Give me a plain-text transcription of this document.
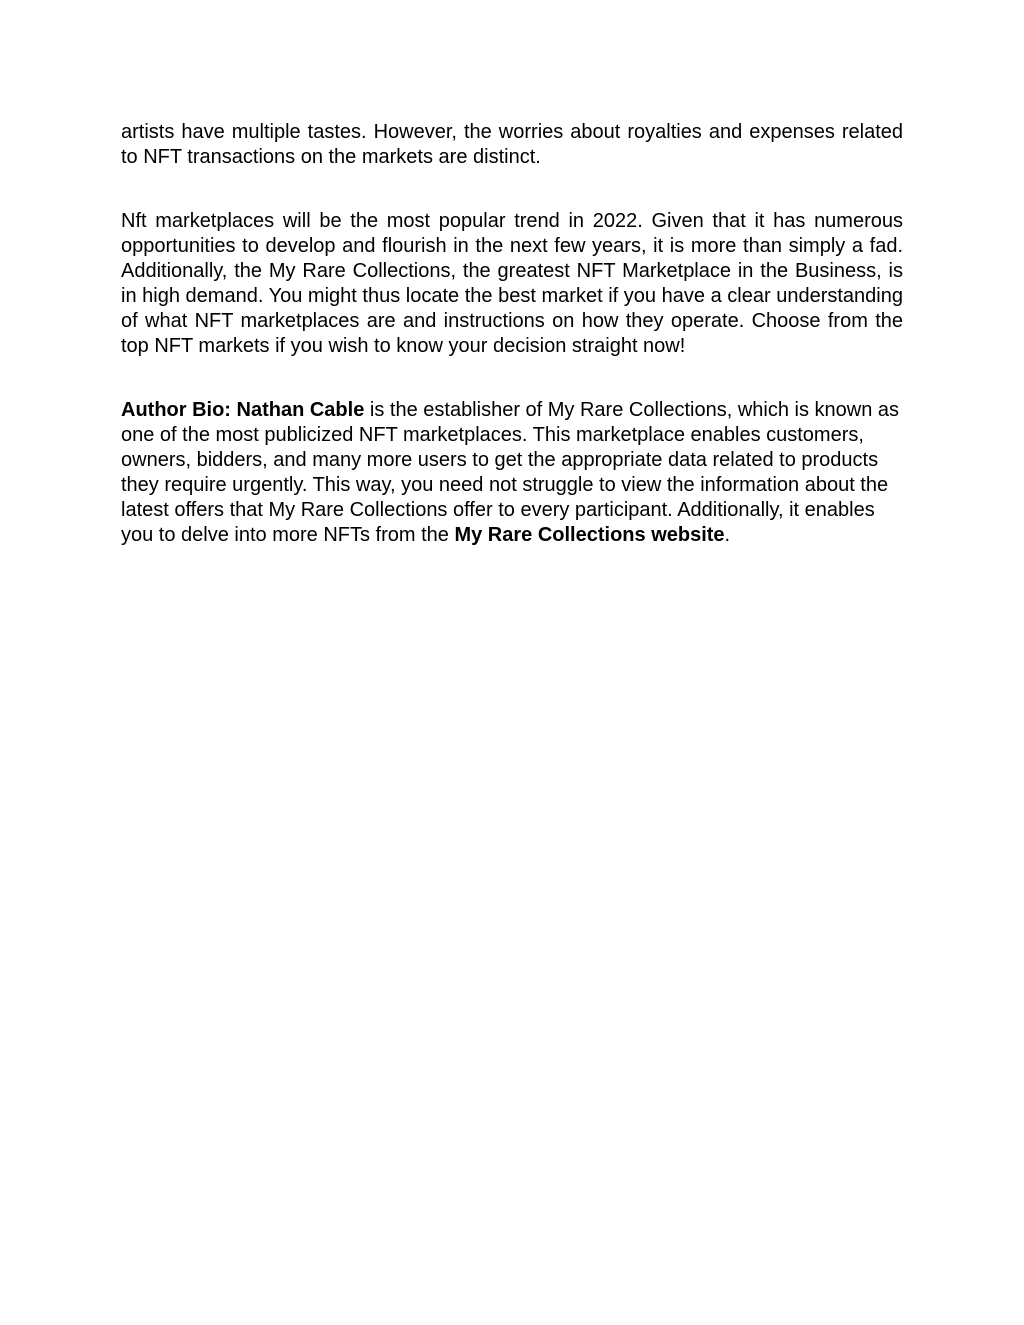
artists have multiple tastes. However, the worries about royalties and expenses related to NFT transactions on the markets are distinct.

Nft marketplaces will be the most popular trend in 2022. Given that it has numerous opportunities to develop and flourish in the next few years, it is more than simply a fad. Additionally, the My Rare Collections, the greatest NFT Marketplace in the Business, is in high demand. You might thus locate the best market if you have a clear understanding of what NFT marketplaces are and instructions on how they operate. Choose from the top NFT markets if you wish to know your decision straight now!

Author Bio: Nathan Cable is the establisher of My Rare Collections, which is known as one of the most publicized NFT marketplaces. This marketplace enables customers, owners, bidders, and many more users to get the appropriate data related to products they require urgently. This way, you need not struggle to view the information about the latest offers that My Rare Collections offer to every participant. Additionally, it enables you to delve into more NFTs from the My Rare Collections website.
